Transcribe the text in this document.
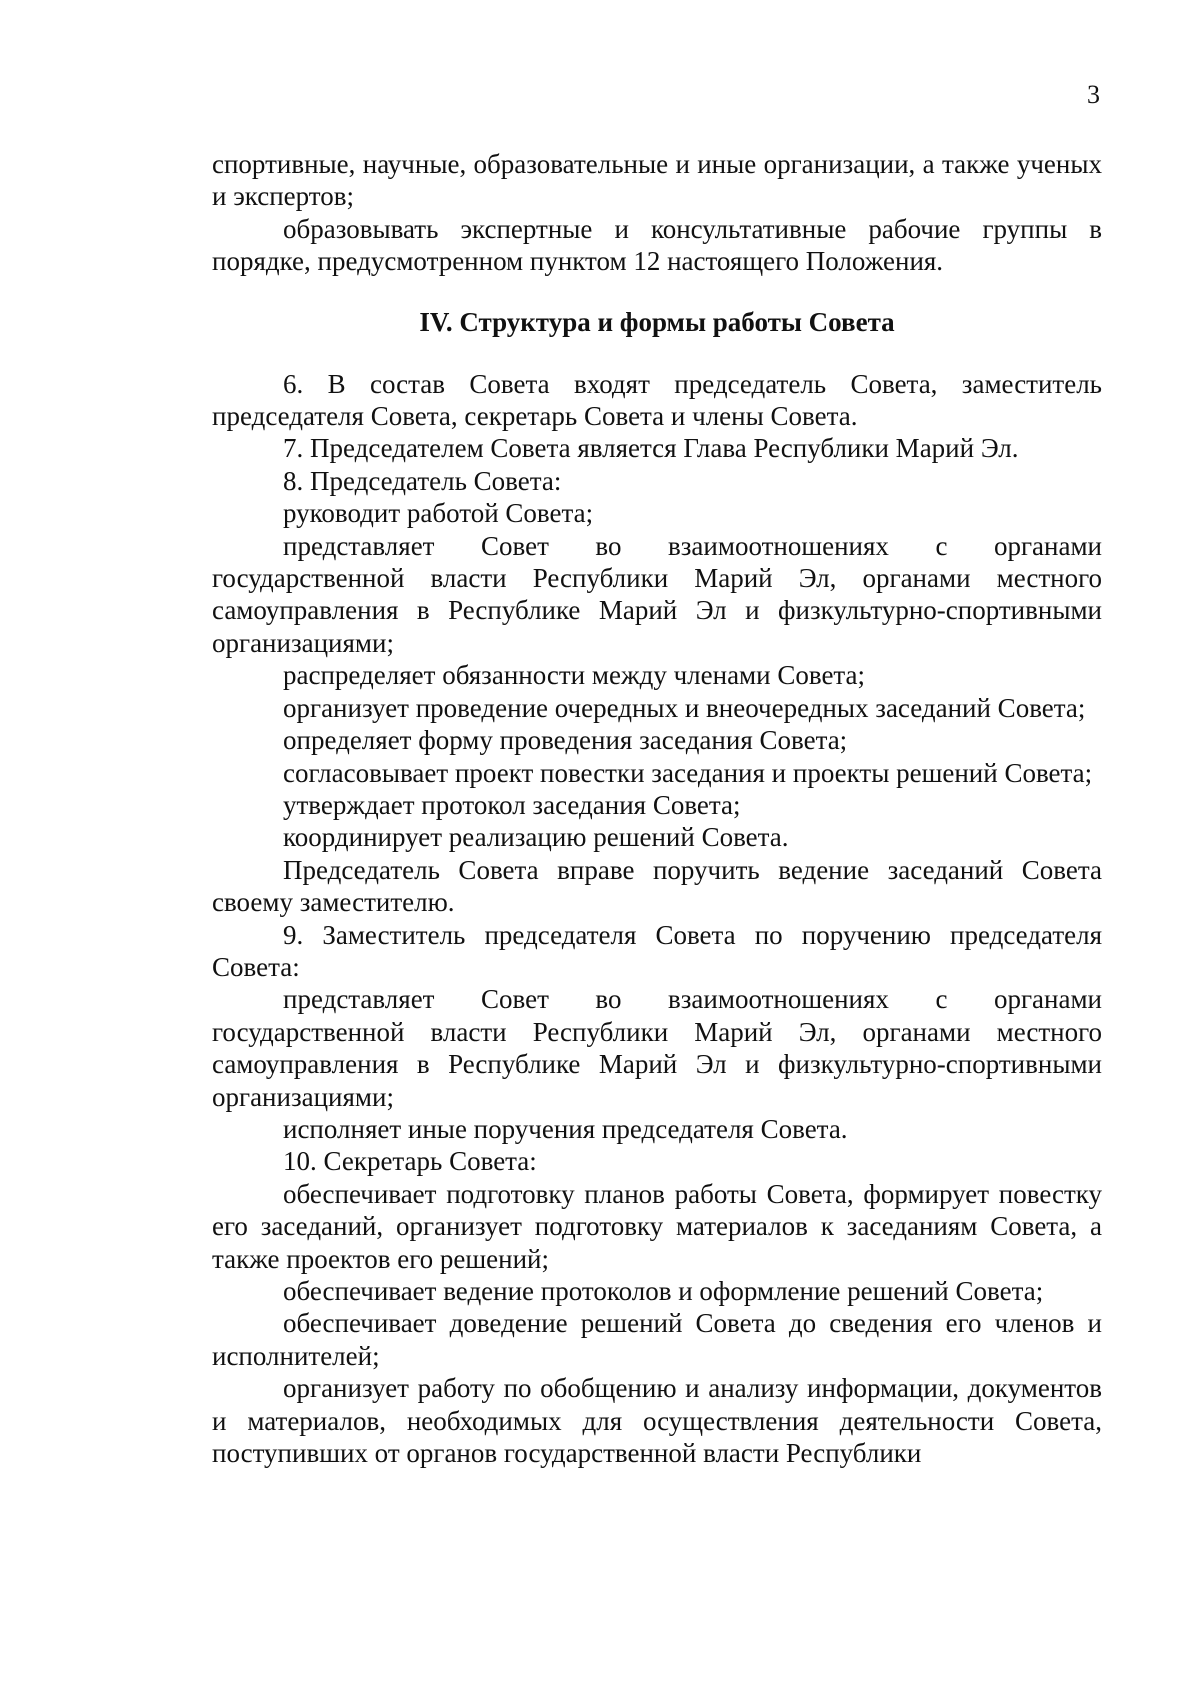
3

спортивные, научные, образовательные и иные организации, а также ученых и экспертов;

образовывать экспертные и консультативные рабочие группы в порядке, предусмотренном пунктом 12 настоящего Положения.

IV. Структура и формы работы Совета

6. В состав Совета входят председатель Совета, заместитель председателя Совета, секретарь Совета и члены Совета.

7. Председателем Совета является Глава Республики Марий Эл.

8. Председатель Совета:

руководит работой Совета;

представляет Совет во взаимоотношениях с органами государственной власти Республики Марий Эл, органами местного самоуправления в Республике Марий Эл и физкультурно-спортивными организациями;

распределяет обязанности между членами Совета;

организует проведение очередных и внеочередных заседаний Совета;

определяет форму проведения заседания Совета;

согласовывает проект повестки заседания и проекты решений Совета;

утверждает протокол заседания Совета;

координирует реализацию решений Совета.

Председатель Совета вправе поручить ведение заседаний Совета своему заместителю.

9. Заместитель председателя Совета по поручению председателя Совета:

представляет Совет во взаимоотношениях с органами государственной власти Республики Марий Эл, органами местного самоуправления в Республике Марий Эл и физкультурно-спортивными организациями;

исполняет иные поручения председателя Совета.

10. Секретарь Совета:

обеспечивает подготовку планов работы Совета, формирует повестку его заседаний, организует подготовку материалов к заседаниям Совета, а также проектов его решений;

обеспечивает ведение протоколов и оформление решений Совета;

обеспечивает доведение решений Совета до сведения его членов и исполнителей;

организует работу по обобщению и анализу информации, документов и материалов, необходимых для осуществления деятельности Совета, поступивших от органов государственной власти Республики
